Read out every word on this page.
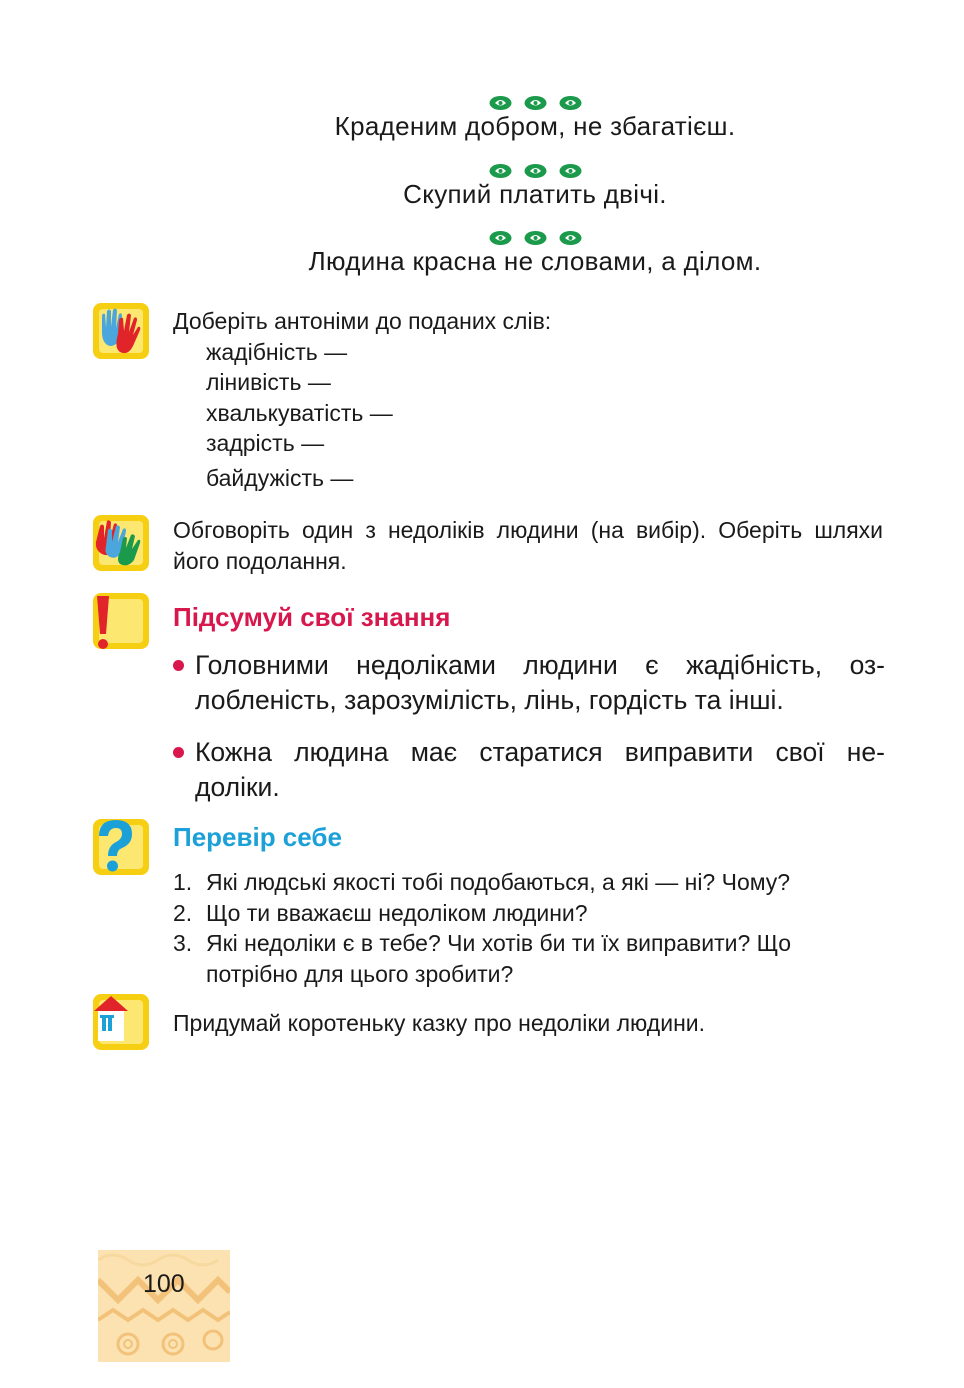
Краденим добром, не збагатієш.
Скупий платить двічі.
Людина красна не словами, а ділом.

Доберіть антоніми до поданих слів:

жадібність —

лінивість —

хвалькуватість —

задрість —

байдужість —

Обговоріть один з недоліків людини (на вибір). Оберіть шляхи його подолання.
Підсумуй свої знання

Головними недоліками людини є жадібність, оз- лобленість, зарозумілість, лінь, гордість та інші.

Кожна людина має старатися виправити свої не- доліки.

Перевір себе
1. Які людські якості тобі подобаються, а які — ні? Чому?
2. Що ти вважаєш недоліком людини?
3. Які недоліки є в тебе? Чи хотів би ти їх виправити? Що потрібно для цього зробити?
Придумай коротеньку казку про недоліки людини.
100
